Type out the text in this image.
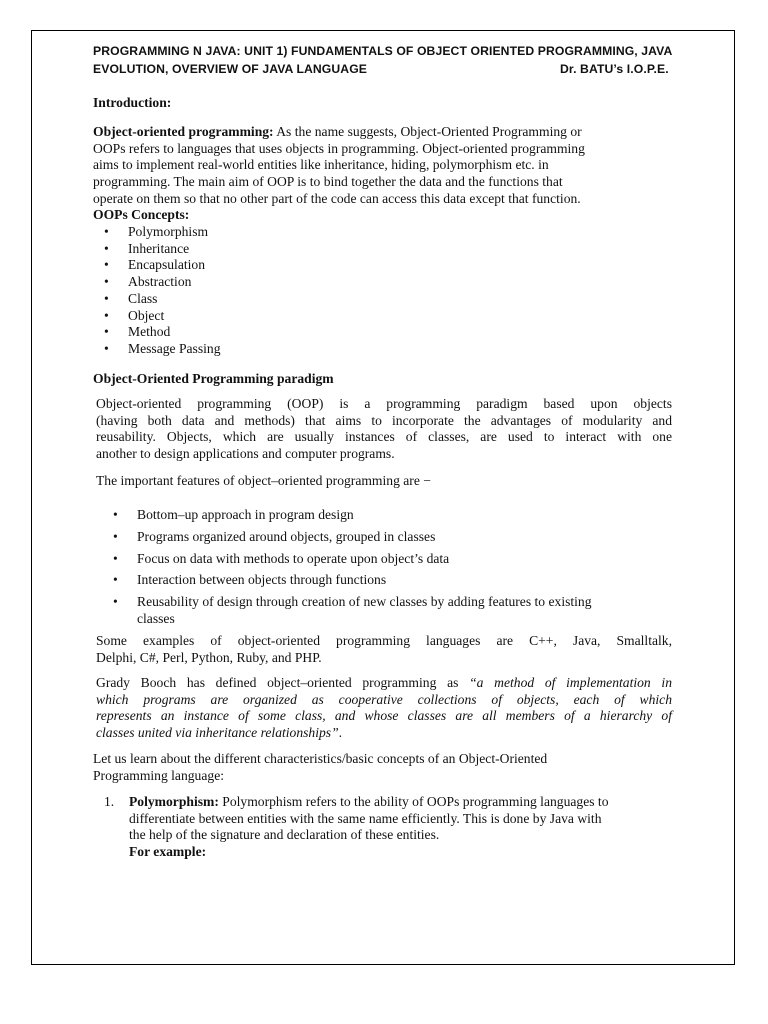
PROGRAMMING N JAVA: UNIT 1) FUNDAMENTALS OF OBJECT ORIENTED PROGRAMMING, JAVA
EVOLUTION, OVERVIEW OF JAVA LANGUAGE	Dr. BATU’s I.O.P.E.
Introduction:
Object-oriented programming: As the name suggests, Object-Oriented Programming or
OOPs refers to languages that uses objects in programming. Object-oriented programming
aims to implement real-world entities like inheritance, hiding, polymorphism etc. in
programming. The main aim of OOP is to bind together the data and the functions that
operate on them so that no other part of the code can access this data except that function.
OOPs Concepts:
• Polymorphism
• Inheritance
• Encapsulation
• Abstraction
• Class
• Object
• Method
• Message Passing
Object-Oriented Programming paradigm
Object-oriented programming (OOP) is a programming paradigm based upon objects
(having both data and methods) that aims to incorporate the advantages of modularity and
reusability. Objects, which are usually instances of classes, are used to interact with one
another to design applications and computer programs.
The important features of object–oriented programming are −
• Bottom–up approach in program design
• Programs organized around objects, grouped in classes
• Focus on data with methods to operate upon object’s data
• Interaction between objects through functions
• Reusability of design through creation of new classes by adding features to existing
classes
Some examples of object-oriented programming languages are C++, Java, Smalltalk,
Delphi, C#, Perl, Python, Ruby, and PHP.
Grady Booch has defined object–oriented programming as “a method of implementation in
which programs are organized as cooperative collections of objects, each of which
represents an instance of some class, and whose classes are all members of a hierarchy of
classes united via inheritance relationships”.
Let us learn about the different characteristics/basic concepts of an Object-Oriented
Programming language:
1. Polymorphism: Polymorphism refers to the ability of OOPs programming languages to
differentiate between entities with the same name efficiently. This is done by Java with
the help of the signature and declaration of these entities.
For example:
